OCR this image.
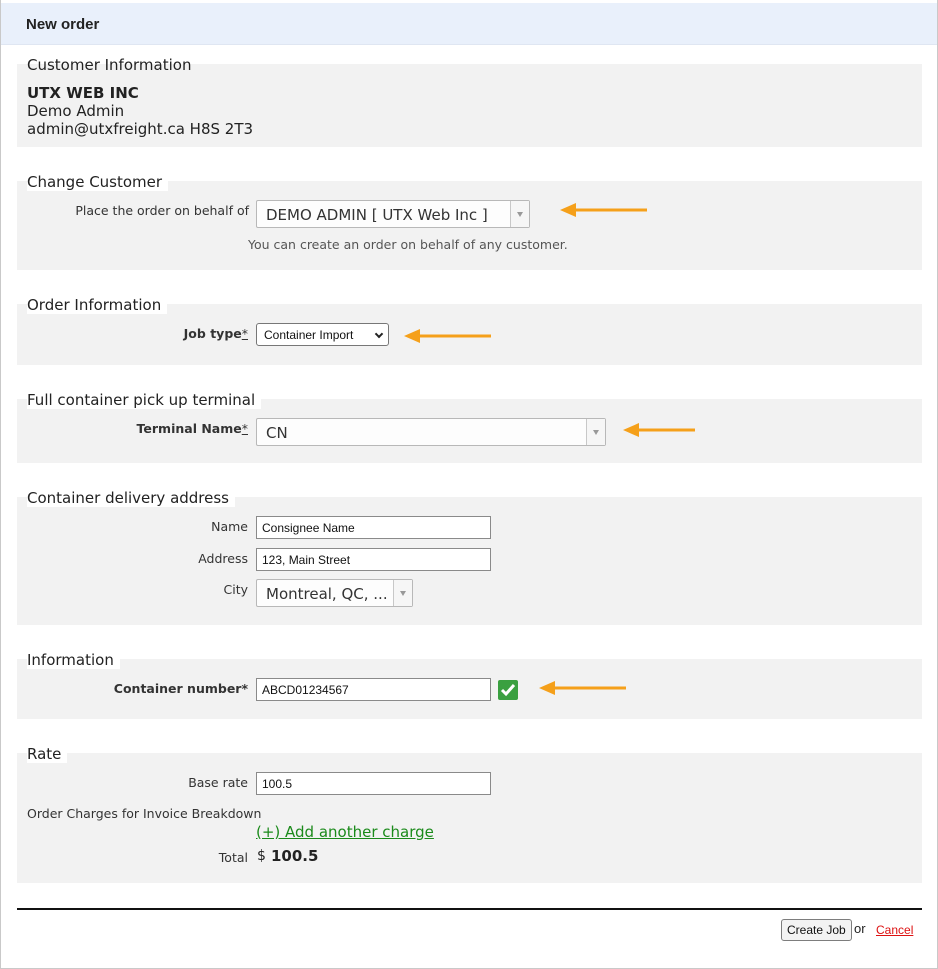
New order
Customer Information
UTX WEB INC
Demo Admin
admin@utxfreight.ca H8S 2T3
Change Customer
Place the order on behalf of DEMO ADMIN [ UTX Web Inc ]
You can create an order on behalf of any customer.
Order Information
Job type* Container Import
Full container pick up terminal
Terminal Name* CN
Container delivery address
Name	Consignee Name
Address	123, Main Street
City Montreal, QC, ...
Information
Container number*	ABCD01234567
Rate
Base rate	100.5
Order Charges for Invoice Breakdown
(+) Add another charge
Total $ 100.5
Create Job or Cancel
